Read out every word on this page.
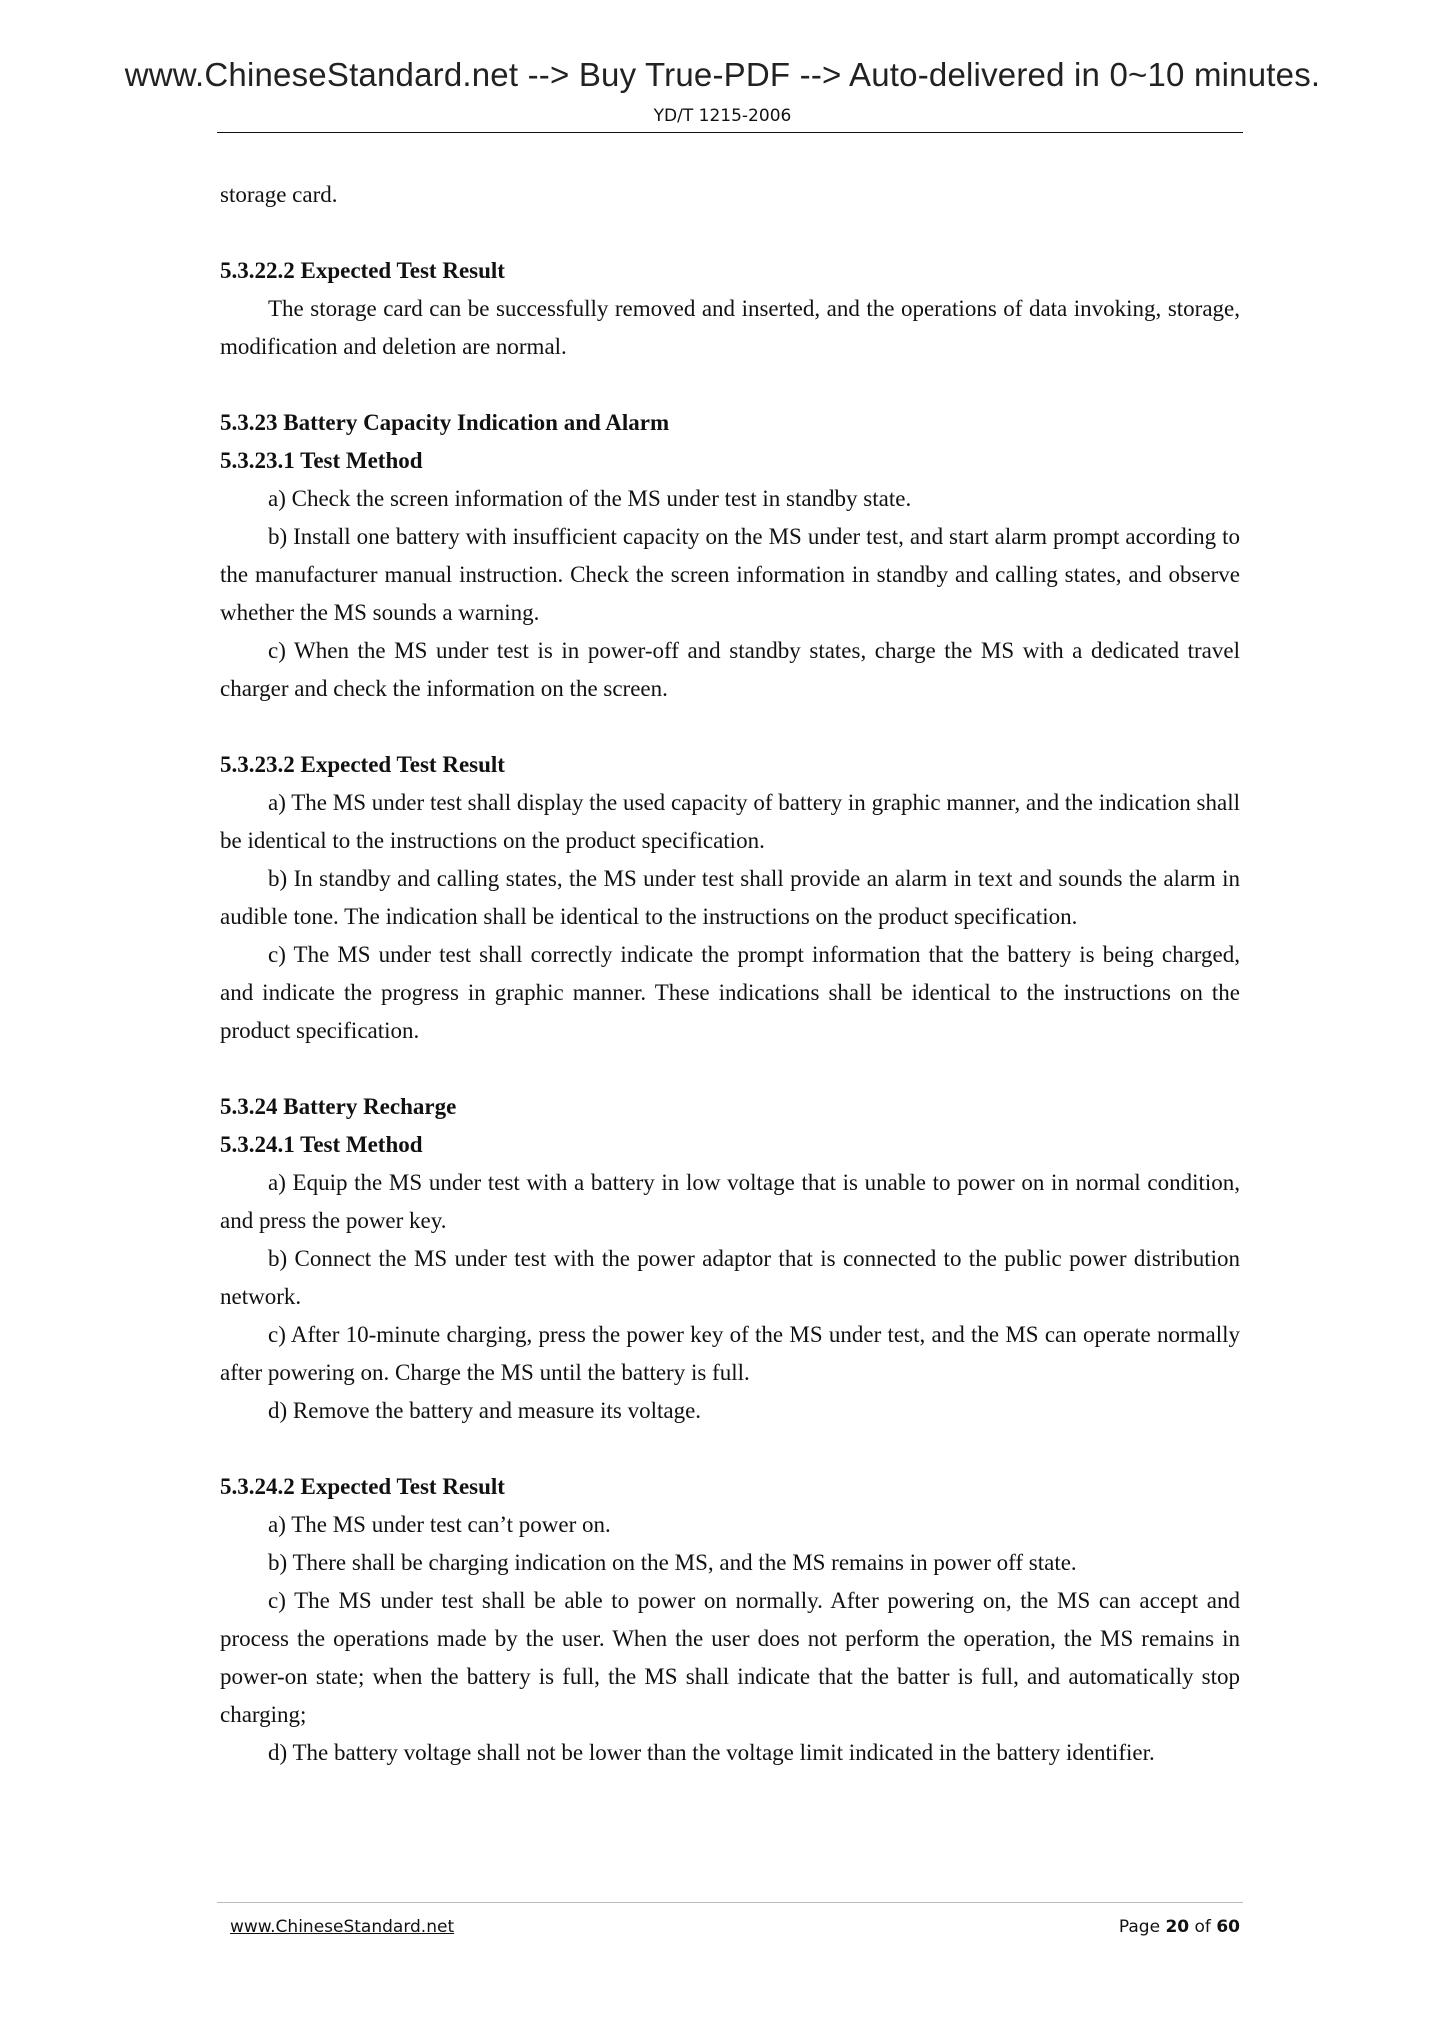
www.ChineseStandard.net --> Buy True-PDF --> Auto-delivered in 0~10 minutes.
YD/T 1215-2006

storage card.

5.3.22.2 Expected Test Result

The storage card can be successfully removed and inserted, and the operations of data invoking, storage, modification and deletion are normal.

5.3.23 Battery Capacity Indication and Alarm
5.3.23.1 Test Method

a) Check the screen information of the MS under test in standby state.

b) Install one battery with insufficient capacity on the MS under test, and start alarm prompt according to the manufacturer manual instruction. Check the screen information in standby and calling states, and observe whether the MS sounds a warning.

c) When the MS under test is in power-off and standby states, charge the MS with a dedicated travel charger and check the information on the screen.

5.3.23.2 Expected Test Result

a) The MS under test shall display the used capacity of battery in graphic manner, and the indication shall be identical to the instructions on the product specification.

b) In standby and calling states, the MS under test shall provide an alarm in text and sounds the alarm in audible tone. The indication shall be identical to the instructions on the product specification.

c) The MS under test shall correctly indicate the prompt information that the battery is being charged, and indicate the progress in graphic manner. These indications shall be identical to the instructions on the product specification.

5.3.24 Battery Recharge
5.3.24.1 Test Method

a) Equip the MS under test with a battery in low voltage that is unable to power on in normal condition, and press the power key.

b) Connect the MS under test with the power adaptor that is connected to the public power distribution network.

c) After 10-minute charging, press the power key of the MS under test, and the MS can operate normally after powering on. Charge the MS until the battery is full.

d) Remove the battery and measure its voltage.

5.3.24.2 Expected Test Result

a) The MS under test can’t power on.

b) There shall be charging indication on the MS, and the MS remains in power off state.

c) The MS under test shall be able to power on normally. After powering on, the MS can accept and process the operations made by the user. When the user does not perform the operation, the MS remains in power-on state; when the battery is full, the MS shall indicate that the batter is full, and automatically stop charging;

d) The battery voltage shall not be lower than the voltage limit indicated in the battery identifier.

www.ChineseStandard.net	Page 20 of 60
